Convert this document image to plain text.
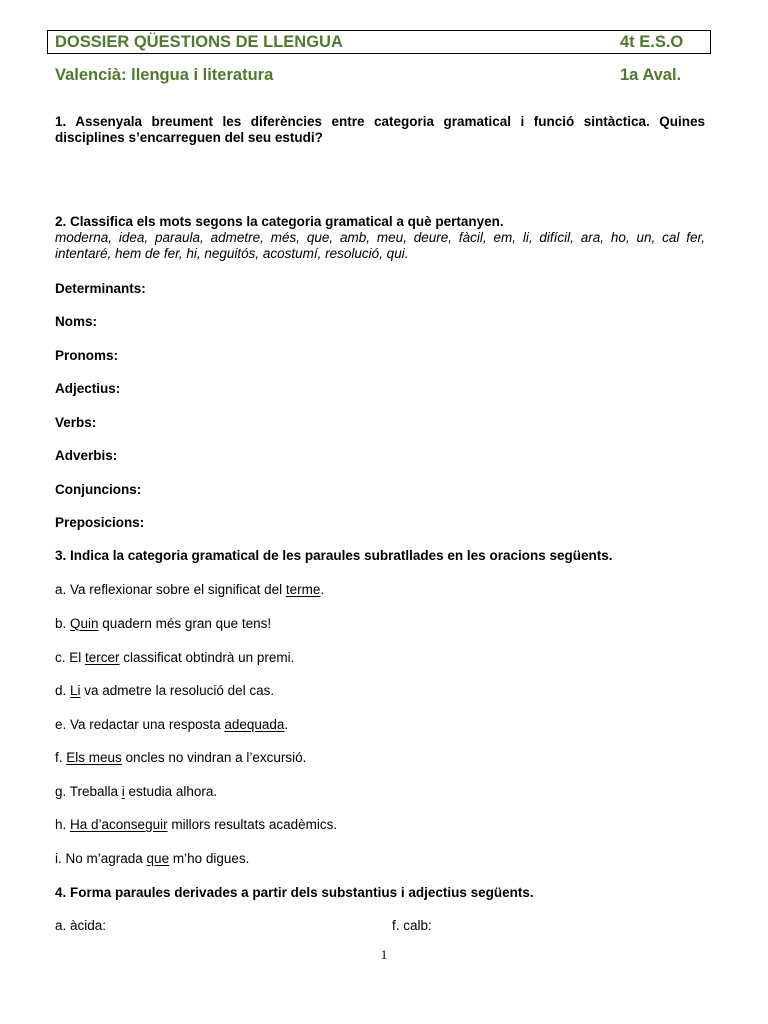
DOSSIER QÜESTIONS DE LLENGUA	4t E.S.O
Valencià: llengua i literatura	1a Aval.
1. Assenyala breument les diferències entre categoria gramatical i funció sintàctica. Quines disciplines s’encarreguen del seu estudi?
2. Classifica els mots segons la categoria gramatical a què pertanyen.
moderna, idea, paraula, admetre, més, que, amb, meu, deure, fàcil, em, li, difícil, ara, ho, un, cal fer, intentaré, hem de fer, hi, neguitós, acostumí, resolució, qui.
Determinants:
Noms:
Pronoms:
Adjectius:
Verbs:
Adverbis:
Conjuncions:
Preposicions:
3. Indica la categoria gramatical de les paraules subratllades en les oracions següents.
a. Va reflexionar sobre el significat del terme.
b. Quin quadern més gran que tens!
c. El tercer classificat obtindrà un premi.
d. Li va admetre la resolució del cas.
e. Va redactar una resposta adequada.
f. Els meus oncles no vindran a l’excursió.
g. Treballa i estudia alhora.
h. Ha d’aconseguir millors resultats acadèmics.
i. No m’agrada que m’ho digues.
4. Forma paraules derivades a partir dels substantius i adjectius següents.
a. àcida:	f. calb:
1
